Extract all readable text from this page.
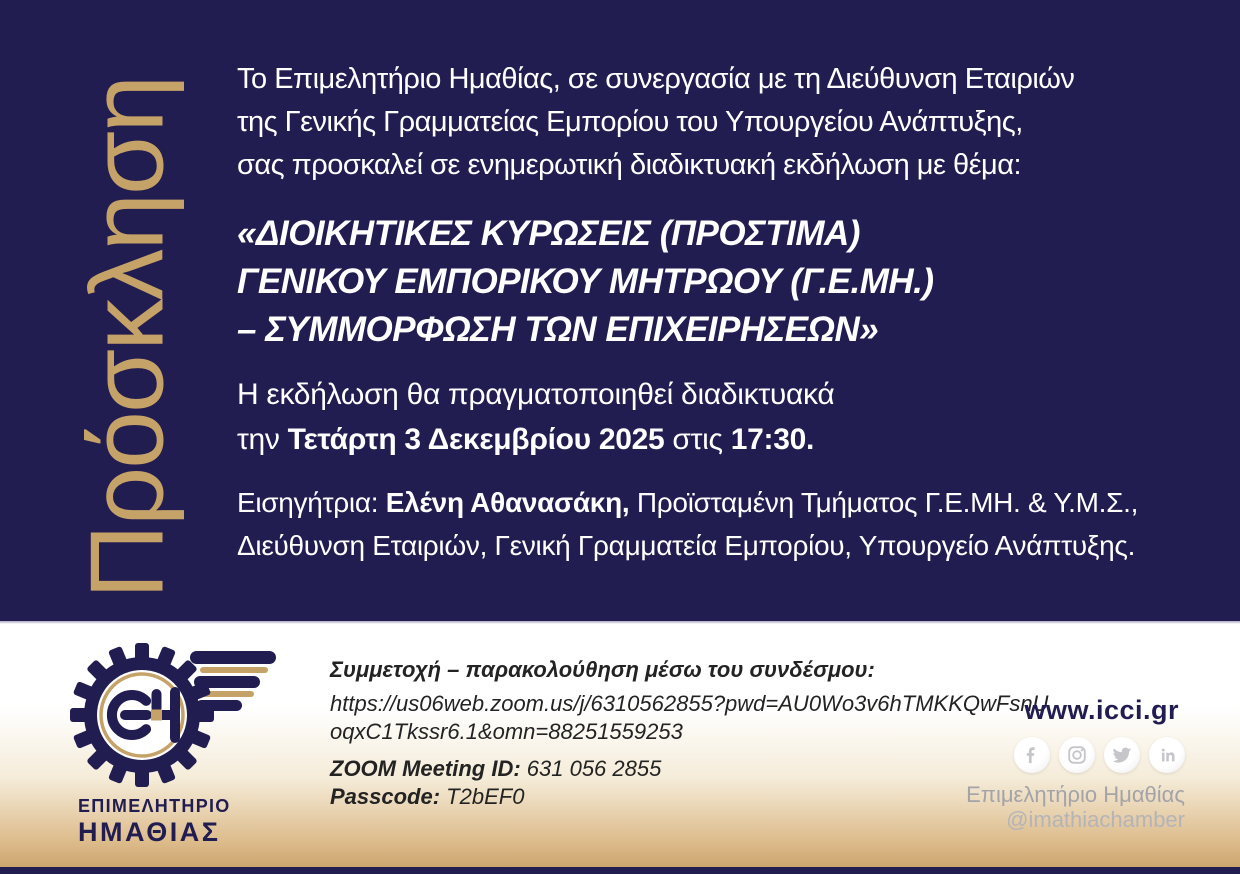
Πρόσκληση Το Επιμελητήριο Ημαθίας, σε συνεργασία με τη Διεύθυνση Εταιριών
της Γενικής Γραμματείας Εμπορίου του Υπουργείου Ανάπτυξης,
σας προσκαλεί σε ενημερωτική διαδικτυακή εκδήλωση με θέμα:
«ΔΙΟΙΚΗΤΙΚΕΣ ΚΥΡΩΣΕΙΣ (ΠΡΟΣΤΙΜΑ)
ΓΕΝΙΚΟΥ ΕΜΠΟΡΙΚΟΥ ΜΗΤΡΩΟΥ (Γ.Ε.ΜΗ.)
– ΣΥΜΜΟΡΦΩΣΗ ΤΩΝ ΕΠΙΧΕΙΡΗΣΕΩΝ»
Η εκδήλωση θα πραγματοποιηθεί διαδικτυακά
την Τετάρτη 3 Δεκεμβρίου 2025 στις 17:30.
Εισηγήτρια: Ελένη Αθανασάκη, Προϊσταμένη Τμήματος Γ.Ε.ΜΗ. & Υ.Μ.Σ.,
Διεύθυνση Εταιριών, Γενική Γραμματεία Εμπορίου, Υπουργείο Ανάπτυξης.
ΕΠΙΜΕΛΗΤΗΡΙΟ
ΗΜΑΘΙΑΣ
Συμμετοχή – παρακολούθηση μέσω του συνδέσμου:
https://us06web.zoom.us/j/6310562855?pwd=AU0Wo3v6hTMKKQwFsnU
oqxC1Tkssr6.1&omn=88251559253
ZOOM Meeting ID: 631 056 2855
Passcode: T2bEF0
www.icci.gr
Επιμελητήριο Ημαθίας
@imathiachamber
